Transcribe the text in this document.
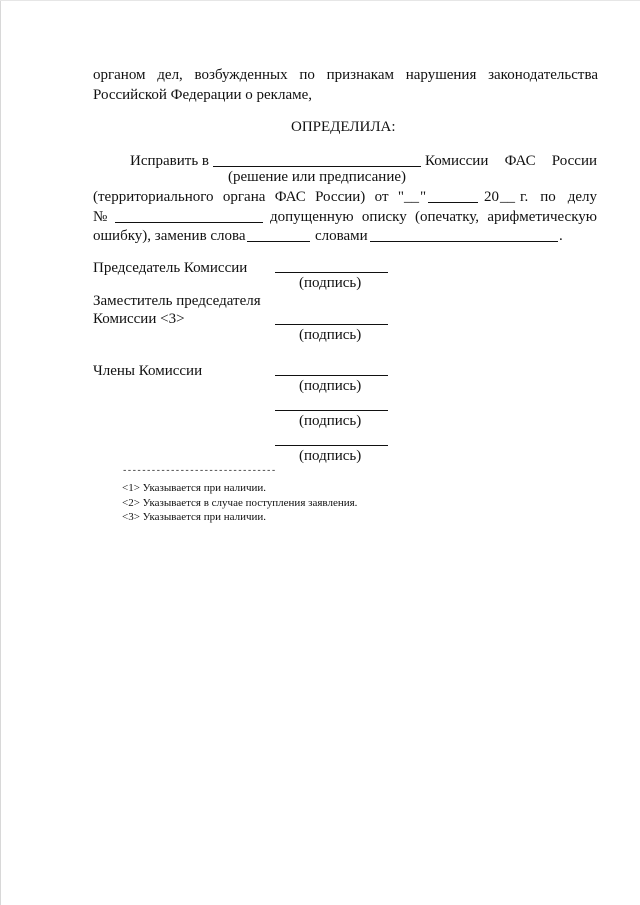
органом дел, возбужденных по признакам нарушения законодательства
Российской Федерации о рекламе,
ОПРЕДЕЛИЛА:
Исправить в	Комиссии ФАС России
(решение или предписание)
(территориального органа ФАС России) от " __ "	20 __ г. по делу
№	допущенную описку (опечатку, арифметическую
ошибку), заменив слова	словами	.
Председатель Комиссии
(подпись)
Заместитель председателя
Комиссии <3>
(подпись)
Члены Комиссии
(подпись)
(подпись)
(подпись)
--------------------------------
<1> Указывается при наличии.
<2> Указывается в случае поступления заявления.
<3> Указывается при наличии.
